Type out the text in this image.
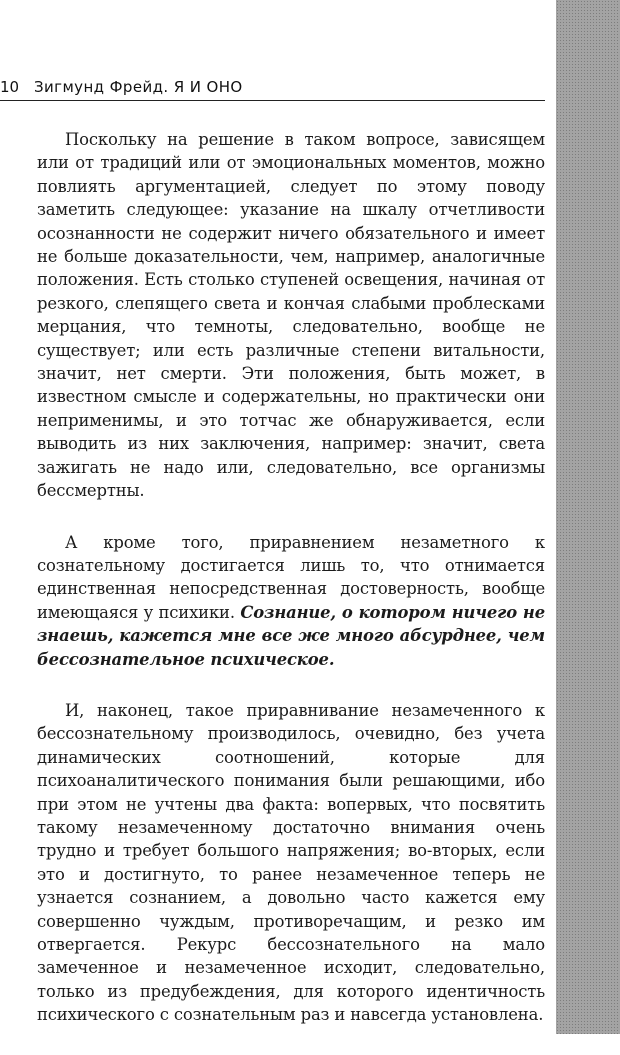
10 Зигмунд Фрейд. Я И ОНО

Поскольку на решение в таком вопросе, зависящем или от традиций или от эмоциональных моментов, можно повлиять аргументацией, следует по этому поводу заметить следующее: указание на шкалу отчетливости осознанности не содержит ничего обязательного и имеет не больше доказательности, чем, например, аналогичные положения. Есть столько ступеней освещения, начиная от резкого, слепящего света и кончая слабыми проблесками мерцания, что темноты, следовательно, вообще не существует; или есть различные степени витальности, значит, нет смерти. Эти положения, быть может, в известном смысле и содержательны, но практически они неприменимы, и это тотчас же обнаруживается, если выводить из них заключения, например: значит, света зажигать не надо или, следовательно, все организмы бессмертны.

А кроме того, приравнением незаметного к сознательному достигается лишь то, что отнимается единственная непосредственная достоверность, вообще имеющаяся у психики. Сознание, о котором ничего не знаешь, кажется мне все же много абсурднее, чем бессознательное психическое.

И, наконец, такое приравнивание незамеченного к бессознательному производилось, очевидно, без учета динамических соотношений, которые для психоаналитического понимания были решающими, ибо при этом не учтены два факта: вопервых, что посвятить такому незамеченному достаточно внимания очень трудно и требует большого напряжения; во-вторых, если это и достигнуто, то ранее незамеченное теперь не узнается сознанием, а довольно часто кажется ему совершенно чуждым, противоречащим, и резко им отвергается. Рекурс бессознательного на мало замеченное и незамеченное исходит, следовательно, только из предубеждения, для которого идентичность психического с сознательным раз и навсегда установлена.
